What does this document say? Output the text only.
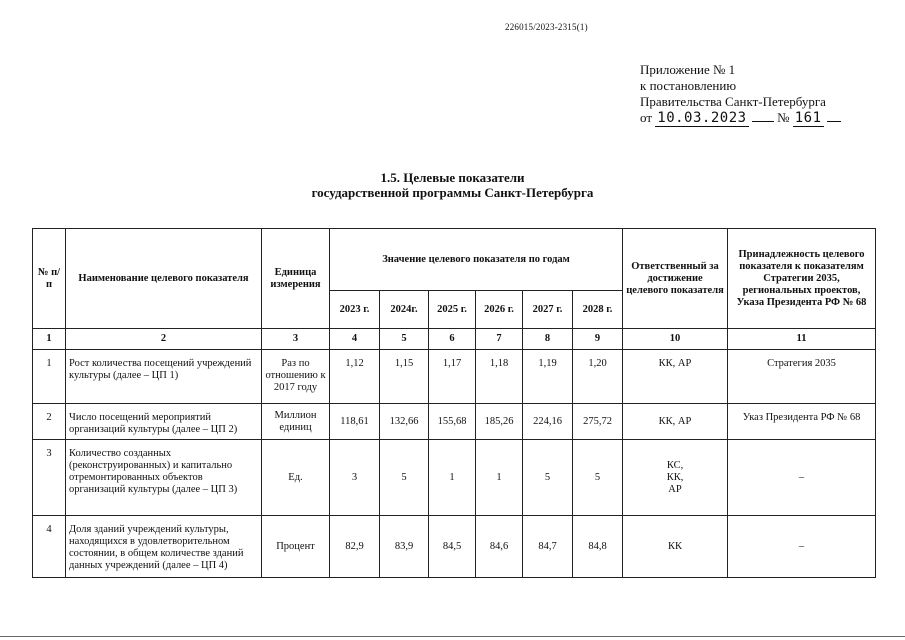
226015/2023-2315(1)
Приложение № 1
к постановлению
Правительства Санкт-Петербурга
от 10.03.2023 № 161
1.5. Целевые показатели
государственной программы Санкт-Петербурга
№ п/п	Наименование целевого показателя	Единица измерения	Значение целевого показателя по годам						Ответственный за достижение целевого показателя	Принадлежность целевого показателя к показателям Стратегии 2035, региональных проектов, Указа Президента РФ № 68
			2023 г.	2024г.	2025 г.	2026 г.	2027 г.	2028 г.		
1	2	3	4	5	6	7	8	9	10	11
1	Рост количества посещений учреждений культуры (далее – ЦП 1)	Раз по отношению к 2017 году	1,12	1,15	1,17	1,18	1,19	1,20	КК, АР	Стратегия 2035
2	Число посещений мероприятий организаций культуры (далее – ЦП 2)	Миллион единиц	118,61	132,66	155,68	185,26	224,16	275,72	КК, АР	Указ Президента РФ № 68
3	Количество созданных (реконструированных) и капитально отремонтированных объектов организаций культуры (далее – ЦП 3)	Ед.	3	5	1	1	5	5	КС, КК, АР	–
4	Доля зданий учреждений культуры, находящихся в удовлетворительном состоянии, в общем количестве зданий данных учреждений (далее – ЦП 4)	Процент	82,9	83,9	84,5	84,6	84,7	84,8	КК	–
